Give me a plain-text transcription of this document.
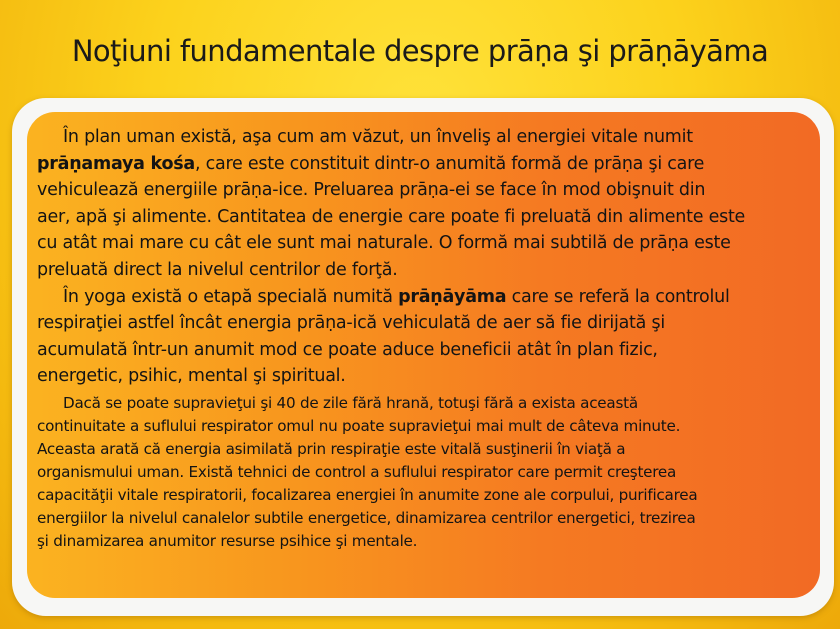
Noţiuni fundamentale despre prāṇa şi prāṇāyāma
În plan uman există, aşa cum am văzut, un înveliş al energiei vitale numit
prāṇamaya kośa, care este constituit dintr-o anumită formă de prāṇa şi care
vehiculează energiile prāṇa-ice. Preluarea prāṇa-ei se face în mod obişnuit din
aer, apă şi alimente. Cantitatea de energie care poate fi preluată din alimente este
cu atât mai mare cu cât ele sunt mai naturale. O formă mai subtilă de prāṇa este
preluată direct la nivelul centrilor de forţă.
În yoga există o etapă specială numită prāṇāyāma care se referă la controlul
respiraţiei astfel încât energia prāṇa-ică vehiculată de aer să fie dirijată şi
acumulată într-un anumit mod ce poate aduce beneficii atât în plan fizic,
energetic, psihic, mental şi spiritual.
Dacă se poate supravieţui şi 40 de zile fără hrană, totuşi fără a exista această
continuitate a suflului respirator omul nu poate supravieţui mai mult de câteva minute.
Aceasta arată că energia asimilată prin respiraţie este vitală susţinerii în viaţă a
organismului uman. Există tehnici de control a suflului respirator care permit creşterea
capacităţii vitale respiratorii, focalizarea energiei în anumite zone ale corpului, purificarea
energiilor la nivelul canalelor subtile energetice, dinamizarea centrilor energetici, trezirea
şi dinamizarea anumitor resurse psihice şi mentale.
